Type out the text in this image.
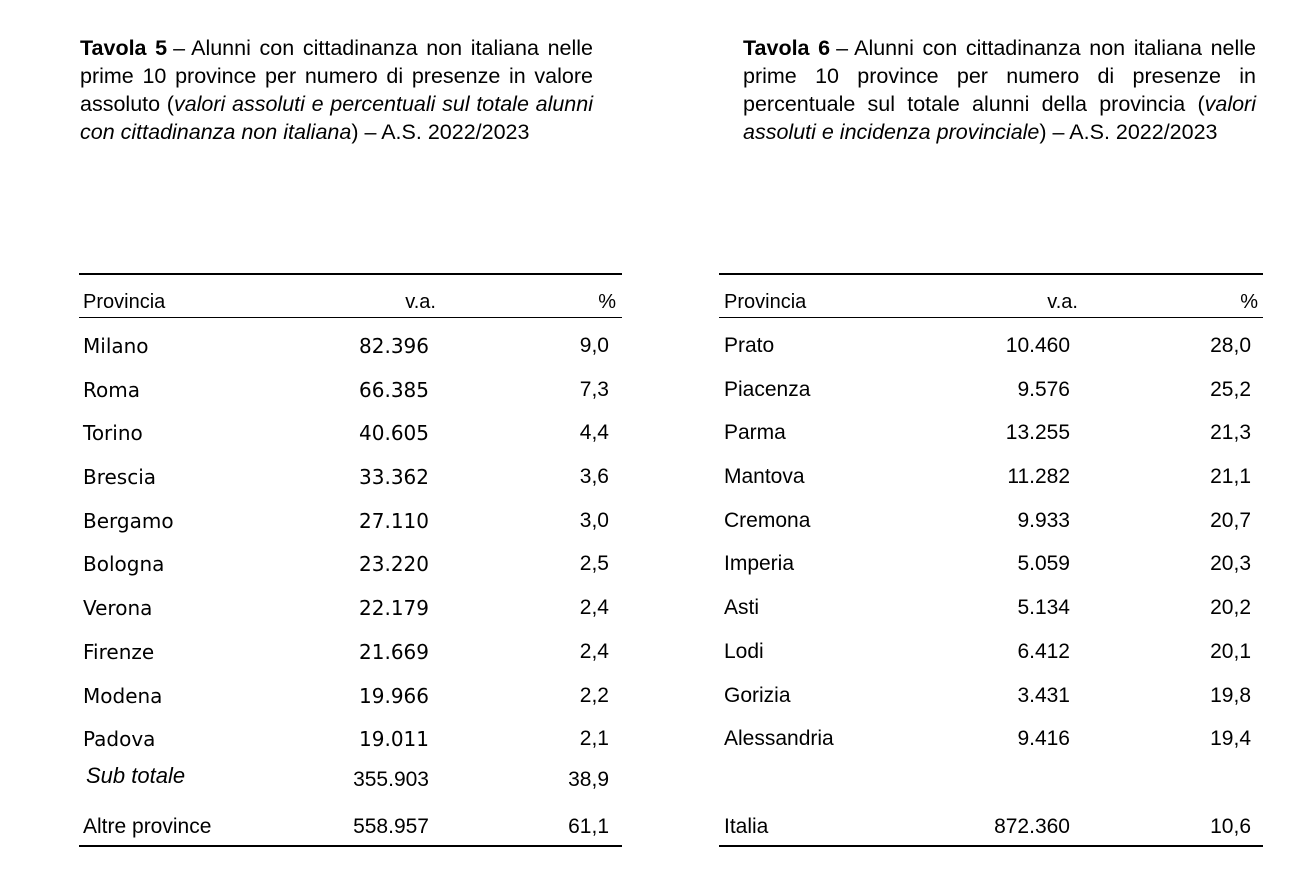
Tavola 5 – Alunni con cittadinanza non italiana nelle prime 10 province per numero di presenze in valore assoluto (valori assoluti e percentuali sul totale alunni con cittadinanza non italiana) – A.S. 2022/2023
Tavola 6 – Alunni con cittadinanza non italiana nelle prime 10 province per numero di presenze in percentuale sul totale alunni della provincia (valori assoluti e incidenza provinciale) – A.S. 2022/2023
Provincia	v.a.	%
Milano	82.396	9,0
Roma	66.385	7,3
Torino	40.605	4,4
Brescia	33.362	3,6
Bergamo	27.110	3,0
Bologna	23.220	2,5
Verona	22.179	2,4
Firenze	21.669	2,4
Modena	19.966	2,2
Padova	19.011	2,1
Sub totale	355.903	38,9
Altre province	558.957	61,1
Provincia	v.a.	%
Prato	10.460	28,0
Piacenza	9.576	25,2
Parma	13.255	21,3
Mantova	11.282	21,1
Cremona	9.933	20,7
Imperia	5.059	20,3
Asti	5.134	20,2
Lodi	6.412	20,1
Gorizia	3.431	19,8
Alessandria	9.416	19,4
Italia	872.360	10,6
